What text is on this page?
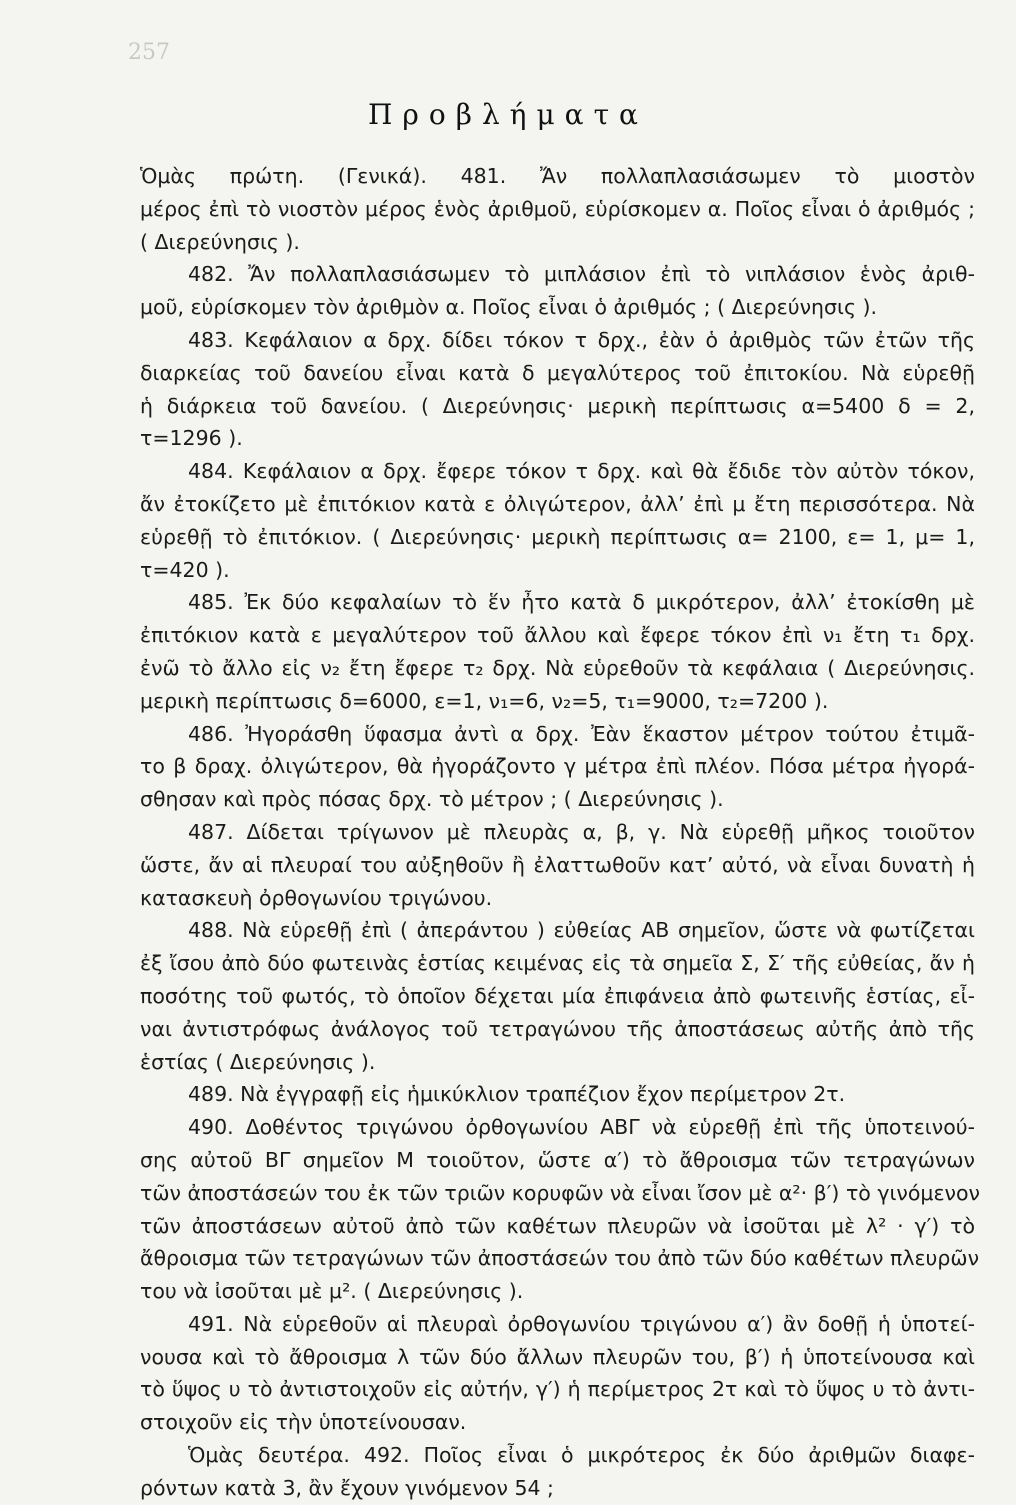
257
Προβλήματα
Ὁμὰς πρώτη. (Γενικά). 481. Ἄν πολλαπλασιάσωμεν τὸ μιοστὸν
μέρος ἐπὶ τὸ νιοστὸν μέρος ἑνὸς ἀριθμοῦ, εὑρίσκομεν α. Ποῖος εἶναι ὁ ἀριθμός ;
( Διερεύνησις ).
482. Ἄν πολλαπλασιάσωμεν τὸ μιπλάσιον ἐπὶ τὸ νιπλάσιον ἑνὸς ἀριθ-
μοῦ, εὑρίσκομεν τὸν ἀριθμὸν α. Ποῖος εἶναι ὁ ἀριθμός ; ( Διερεύνησις ).
483. Κεφάλαιον α δρχ. δίδει τόκον τ δρχ., ἐὰν ὁ ἀριθμὸς τῶν ἐτῶν τῆς
διαρκείας τοῦ δανείου εἶναι κατὰ δ μεγαλύτερος τοῦ ἐπιτοκίου. Νὰ εὑρεθῇ
ἡ διάρκεια τοῦ δανείου. ( Διερεύνησις· μερικὴ περίπτωσις α=5400 δ = 2,
τ=1296 ).
484. Κεφάλαιον α δρχ. ἔφερε τόκον τ δρχ. καὶ θὰ ἔδιδε τὸν αὐτὸν τόκον,
ἄν ἐτοκίζετο μὲ ἐπιτόκιον κατὰ ε ὀλιγώτερον, ἀλλ’ ἐπὶ μ ἔτη περισσότερα. Νὰ
εὑρεθῇ τὸ ἐπιτόκιον. ( Διερεύνησις· μερικὴ περίπτωσις α= 2100, ε= 1, μ= 1,
τ=420 ).
485. Ἐκ δύο κεφαλαίων τὸ ἕν ἦτο κατὰ δ μικρότερον, ἀλλ’ ἐτοκίσθη μὲ
ἐπιτόκιον κατὰ ε μεγαλύτερον τοῦ ἄλλου καὶ ἔφερε τόκον ἐπὶ ν₁ ἔτη τ₁ δρχ.
ἐνῶ τὸ ἄλλο εἰς ν₂ ἔτη ἔφερε τ₂ δρχ. Νὰ εὑρεθοῦν τὰ κεφάλαια ( Διερεύνησις.
μερικὴ περίπτωσις δ=6000, ε=1, ν₁=6, ν₂=5, τ₁=9000, τ₂=7200 ).
486. Ἠγοράσθη ὕφασμα ἀντὶ α δρχ. Ἐὰν ἕκαστον μέτρον τούτου ἐτιμᾶ-
το β δραχ. ὀλιγώτερον, θὰ ἠγοράζοντο γ μέτρα ἐπὶ πλέον. Πόσα μέτρα ἠγορά-
σθησαν καὶ πρὸς πόσας δρχ. τὸ μέτρον ; ( Διερεύνησις ).
487. Δίδεται τρίγωνον μὲ πλευρὰς α, β, γ. Νὰ εὑρεθῇ μῆκος τοιοῦτον
ὥστε, ἄν αἱ πλευραί του αὐξηθοῦν ἢ ἐλαττωθοῦν κατ’ αὐτό, νὰ εἶναι δυνατὴ ἡ
κατασκευὴ ὀρθογωνίου τριγώνου.
488. Νὰ εὑρεθῇ ἐπὶ ( ἀπεράντου ) εὐθείας ΑΒ σημεῖον, ὥστε νὰ φωτίζεται
ἐξ ἴσου ἀπὸ δύο φωτεινὰς ἑστίας κειμένας εἰς τὰ σημεῖα Σ, Σ′ τῆς εὐθείας, ἄν ἡ
ποσότης τοῦ φωτός, τὸ ὁποῖον δέχεται μία ἐπιφάνεια ἀπὸ φωτεινῆς ἑστίας, εἶ-
ναι ἀντιστρόφως ἀνάλογος τοῦ τετραγώνου τῆς ἀποστάσεως αὐτῆς ἀπὸ τῆς
ἑστίας ( Διερεύνησις ).
489. Νὰ ἐγγραφῇ εἰς ἡμικύκλιον τραπέζιον ἔχον περίμετρον 2τ.
490. Δοθέντος τριγώνου ὀρθογωνίου ΑΒΓ νὰ εὑρεθῇ ἐπὶ τῆς ὑποτεινού-
σης αὐτοῦ ΒΓ σημεῖον Μ τοιοῦτον, ὥστε α′) τὸ ἄθροισμα τῶν τετραγώνων
τῶν ἀποστάσεών του ἐκ τῶν τριῶν κορυφῶν νὰ εἶναι ἴσον μὲ α²· β′) τὸ γινόμενον
τῶν ἀποστάσεων αὐτοῦ ἀπὸ τῶν καθέτων πλευρῶν νὰ ἰσοῦται μὲ λ² · γ′) τὸ
ἄθροισμα τῶν τετραγώνων τῶν ἀποστάσεών του ἀπὸ τῶν δύο καθέτων πλευρῶν
του νὰ ἰσοῦται μὲ μ². ( Διερεύνησις ).
491. Νὰ εὑρεθοῦν αἱ πλευραὶ ὀρθογωνίου τριγώνου α′) ἂν δοθῇ ἡ ὑποτεί-
νουσα καὶ τὸ ἄθροισμα λ τῶν δύο ἄλλων πλευρῶν του, β′) ἡ ὑποτείνουσα καὶ
τὸ ὕψος υ τὸ ἀντιστοιχοῦν εἰς αὐτήν, γ′) ἡ περίμετρος 2τ καὶ τὸ ὕψος υ τὸ ἀντι-
στοιχοῦν εἰς τὴν ὑποτείνουσαν.
Ὁμὰς δευτέρα. 492. Ποῖος εἶναι ὁ μικρότερος ἐκ δύο ἀριθμῶν διαφε-
ρόντων κατὰ 3, ἂν ἔχουν γινόμενον 54 ;
